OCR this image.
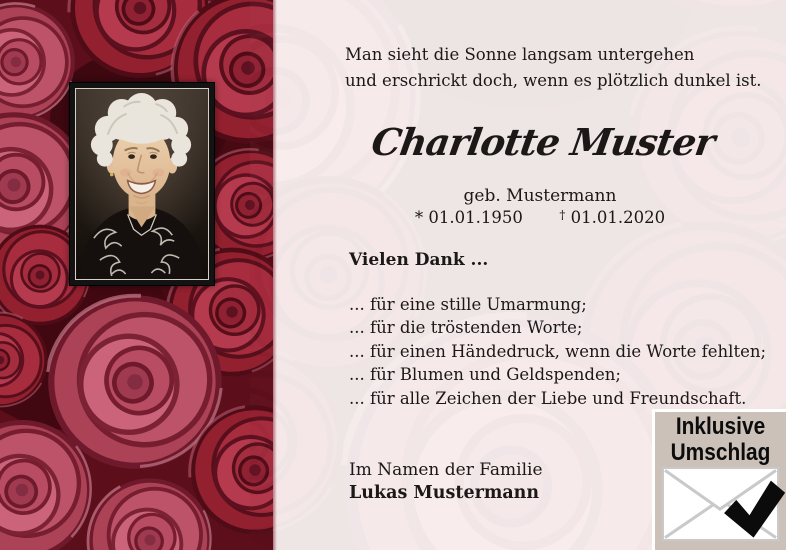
Man sieht die Sonne langsam untergehen
und erschrickt doch, wenn es plötzlich dunkel ist.
Charlotte Muster
geb. Mustermann
* 01.01.1950	† 01.01.2020
Vielen Dank ...
... für eine stille Umarmung;
... für die tröstenden Worte;
... für einen Händedruck, wenn die Worte fehlten;
... für Blumen und Geldspenden;
... für alle Zeichen der Liebe und Freundschaft.
Im Namen der Familie
Lukas Mustermann
Inklusive
Umschlag
